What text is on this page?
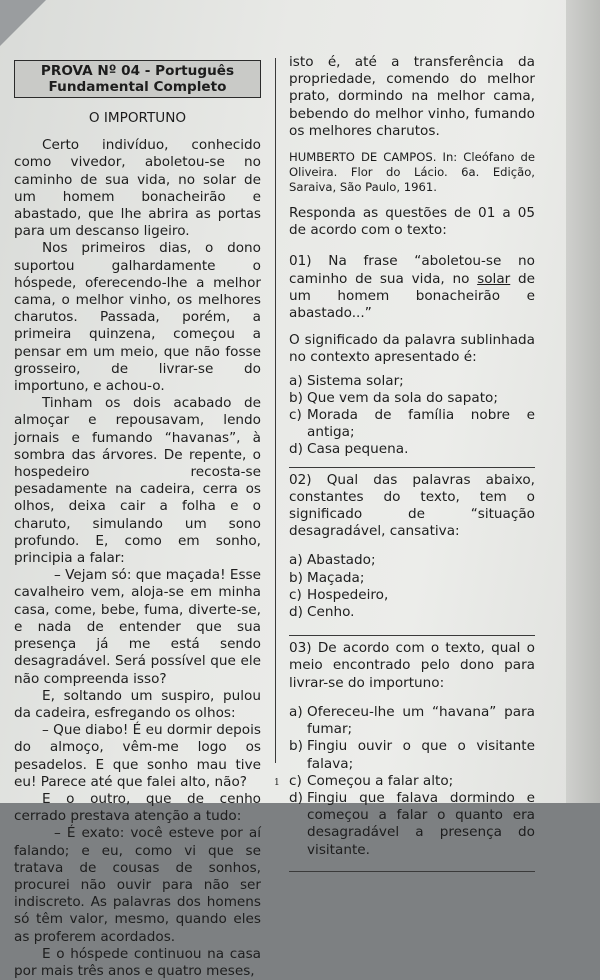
PROVA Nº 04 - Português
Fundamental Completo
O IMPORTUNO

Certo indivíduo, conhecido como vivedor, aboletou-se no caminho de sua vida, no solar de um homem bonacheirão e abastado, que lhe abrira as portas para um descanso ligeiro.

Nos primeiros dias, o dono suportou galhardamente o hóspede, oferecendo-lhe a melhor cama, o melhor vinho, os melhores charutos. Passada, porém, a primeira quinzena, começou a pensar em um meio, que não fosse grosseiro, de livrar-se do importuno, e achou-o.

Tinham os dois acabado de almoçar e repousavam, lendo jornais e fumando “havanas”, à sombra das árvores. De repente, o hospedeiro recosta-se pesadamente na cadeira, cerra os olhos, deixa cair a folha e o charuto, simulando um sono profundo. E, como em sonho, principia a falar:

– Vejam só: que maçada! Esse cavalheiro vem, aloja-se em minha casa, come, bebe, fuma, diverte-se, e nada de entender que sua presença já me está sendo desagradável. Será possível que ele não compreenda isso?

E, soltando um suspiro, pulou da cadeira, esfregando os olhos:

– Que diabo! É eu dormir depois do almoço, vêm-me logo os pesadelos. E que sonho mau tive eu! Parece até que falei alto, não?

E o outro, que de cenho cerrado prestava atenção a tudo:

– É exato: você esteve por aí falando; e eu, como vi que se tratava de cousas de sonhos, procurei não ouvir para não ser indiscreto. As palavras dos homens só têm valor, mesmo, quando eles as proferem acordados.

E o hóspede continuou na casa por mais três anos e quatro meses,

isto é, até a transferência da propriedade, comendo do melhor prato, dormindo na melhor cama, bebendo do melhor vinho, fumando os melhores charutos.

HUMBERTO DE CAMPOS. In: Cleófano de Oliveira. Flor do Lácio. 6a. Edição, Saraiva, São Paulo, 1961.

Responda as questões de 01 a 05 de acordo com o texto:

01) Na frase “aboletou-se no caminho de sua vida, no solar de um homem bonacheirão e abastado...”

O significado da palavra sublinhada no contexto apresentado é:

a) Sistema solar;
b) Que vem da sola do sapato;
c) Morada de família nobre e antiga;
d) Casa pequena.

02) Qual das palavras abaixo, constantes do texto, tem o significado de “situação desagradável, cansativa:

a) Abastado;
b) Maçada;
c) Hospedeiro,
d) Cenho.

03) De acordo com o texto, qual o meio encontrado pelo dono para livrar-se do importuno:

a) Ofereceu-lhe um “havana” para fumar;
b) Fingiu ouvir o que o visitante falava;
c) Começou a falar alto;
d) Fingiu que falava dormindo e começou a falar o quanto era desagradável a presença do visitante.
1
